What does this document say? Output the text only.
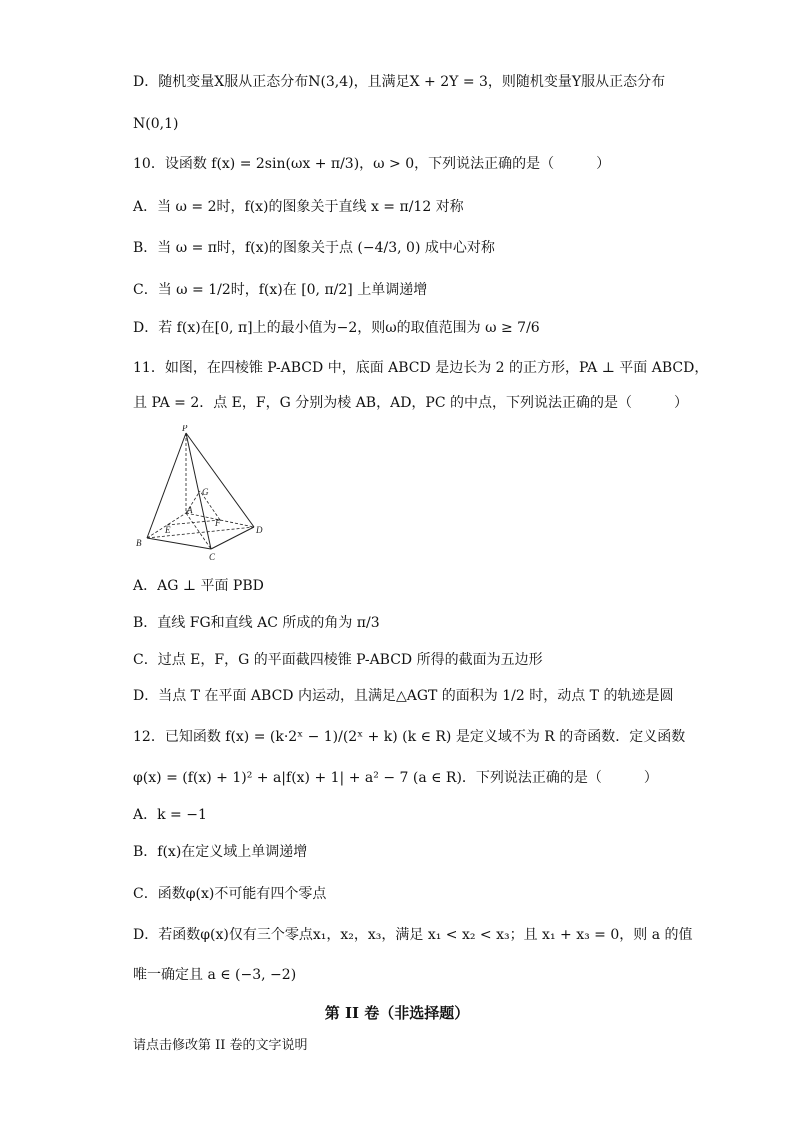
D．随机变量X服从正态分布N(3,4)，且满足X + 2Y = 3，则随机变量Y服从正态分布
N(0,1)
10．设函数 f(x) = 2sin(ωx + π/3)，ω > 0，下列说法正确的是（　　　）
A．当 ω = 2时，f(x)的图象关于直线 x = π/12 对称
B．当 ω = π时，f(x)的图象关于点 (−4/3, 0) 成中心对称
C．当 ω = 1/2时，f(x)在 [0, π/2] 上单调递增
D．若 f(x)在[0, π]上的最小值为−2，则ω的取值范围为 ω ≥ 7/6
11．如图，在四棱锥 P-ABCD 中，底面 ABCD 是边长为 2 的正方形，PA ⊥ 平面 ABCD，
且 PA = 2．点 E，F，G 分别为棱 AB，AD，PC 的中点，下列说法正确的是（　　　）
P
G
A
E
F
B
D
C
A．AG ⊥ 平面 PBD
B．直线 FG和直线 AC 所成的角为 π/3
C．过点 E，F，G 的平面截四棱锥 P-ABCD 所得的截面为五边形
D．当点 T 在平面 ABCD 内运动，且满足△AGT 的面积为 1/2 时，动点 T 的轨迹是圆
12．已知函数 f(x) = (k·2ˣ − 1)/(2ˣ + k) (k ∈ R) 是定义域不为 R 的奇函数．定义函数
φ(x) = (f(x) + 1)² + a|f(x) + 1| + a² − 7 (a ∈ R)．下列说法正确的是（　　　）
A．k = −1
B．f(x)在定义域上单调递增
C．函数φ(x)不可能有四个零点
D．若函数φ(x)仅有三个零点x₁，x₂，x₃，满足 x₁ < x₂ < x₃；且 x₁ + x₃ = 0，则 a 的值
唯一确定且 a ∈ (−3, −2)
第 II 卷（非选择题）
请点击修改第 II 卷的文字说明
